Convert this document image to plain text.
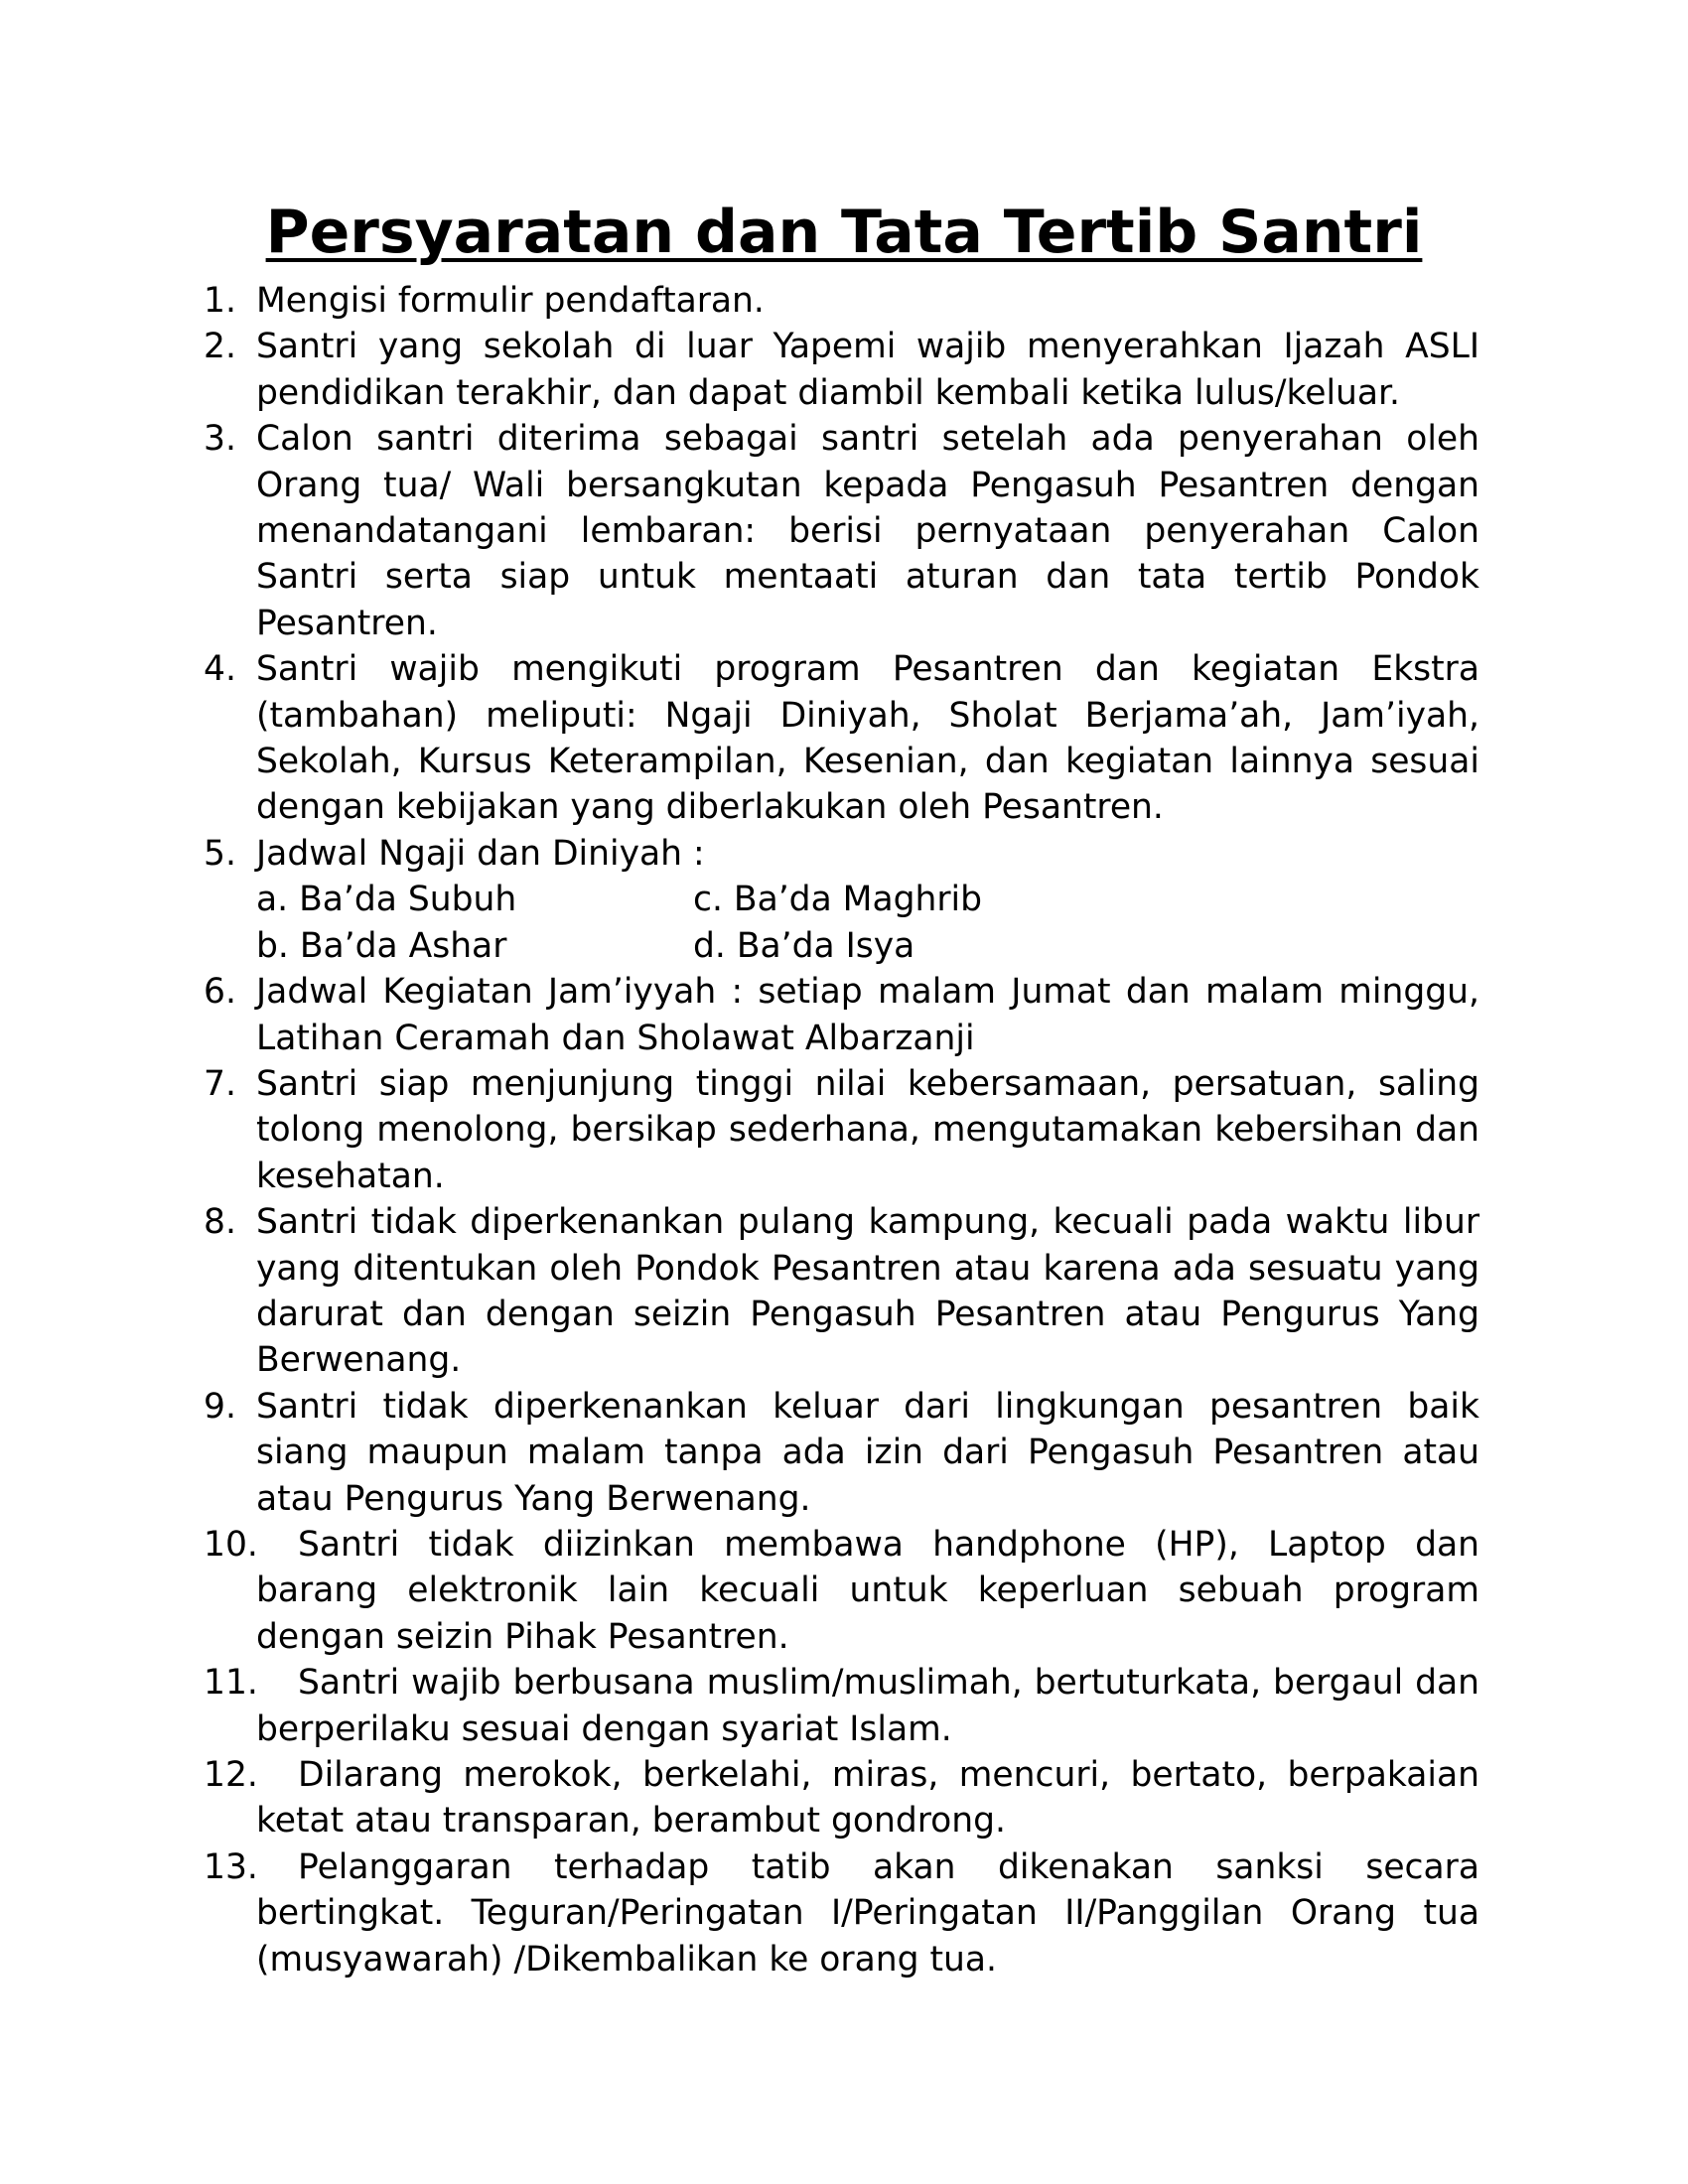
Persyaratan dan Tata Tertib Santri
1. Mengisi formulir pendaftaran.
2. Santri yang sekolah di luar Yapemi wajib menyerahkan Ijazah ASLI pendidikan terakhir, dan dapat diambil kembali ketika lulus/keluar.
3. Calon santri diterima sebagai santri setelah ada penyerahan oleh Orang tua/ Wali bersangkutan kepada Pengasuh Pesantren dengan menandatangani lembaran: berisi pernyataan penyerahan Calon Santri serta siap untuk mentaati aturan dan tata tertib Pondok Pesantren.
4. Santri wajib mengikuti program Pesantren dan kegiatan Ekstra (tambahan) meliputi: Ngaji Diniyah, Sholat Berjama’ah, Jam’iyah, Sekolah, Kursus Keterampilan, Kesenian, dan kegiatan lainnya sesuai dengan kebijakan yang diberlakukan oleh Pesantren.
5. Jadwal Ngaji dan Diniyah :
a. Ba’da Subuh	c. Ba’da Maghrib
b. Ba’da Ashar	d. Ba’da Isya
6. Jadwal Kegiatan Jam’iyyah : setiap malam Jumat dan malam minggu, Latihan Ceramah dan Sholawat Albarzanji
7. Santri siap menjunjung tinggi nilai kebersamaan, persatuan, saling tolong menolong, bersikap sederhana, mengutamakan kebersihan dan kesehatan.
8. Santri tidak diperkenankan pulang kampung, kecuali pada waktu libur yang ditentukan oleh Pondok Pesantren atau karena ada sesuatu yang darurat dan dengan seizin Pengasuh Pesantren atau Pengurus Yang Berwenang.
9. Santri tidak diperkenankan keluar dari lingkungan pesantren baik siang maupun malam tanpa ada izin dari Pengasuh Pesantren atau atau Pengurus Yang Berwenang.
10. Santri tidak diizinkan membawa handphone (HP), Laptop dan barang elektronik lain kecuali untuk keperluan sebuah program dengan seizin Pihak Pesantren.
11. Santri wajib berbusana muslim/muslimah, bertuturkata, bergaul dan berperilaku sesuai dengan syariat Islam.
12. Dilarang merokok, berkelahi, miras, mencuri, bertato, berpakaian ketat atau transparan, berambut gondrong.
13. Pelanggaran terhadap tatib akan dikenakan sanksi secara bertingkat. Teguran/Peringatan I/Peringatan II/Panggilan Orang tua (musyawarah) /Dikembalikan ke orang tua.
